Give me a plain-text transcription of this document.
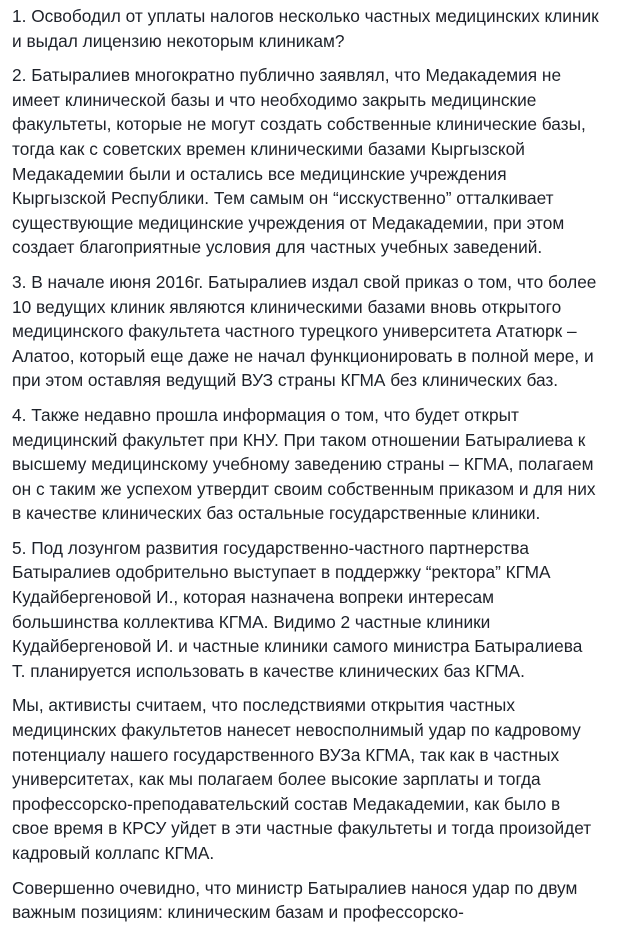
1. Освободил от уплаты налогов несколько частных медицинских клиник
и выдал лицензию некоторым клиникам?
2. Батыралиев многократно публично заявлял, что Медакадемия не
имеет клинической базы и что необходимо закрыть медицинские
факультеты, которые не могут создать собственные клинические базы,
тогда как с советских времен клиническими базами Кыргызской
Медакадемии были и остались все медицинские учреждения
Кыргызской Республики. Тем самым он “исскуственно” отталкивает
существующие медицинские учреждения от Медакадемии, при этом
создает благоприятные условия для частных учебных заведений.
3. В начале июня 2016г. Батыралиев издал свой приказ о том, что более
10 ведущих клиник являются клиническими базами вновь открытого
медицинского факультета частного турецкого университета Ататюрк –
Алатоо, который еще даже не начал функционировать в полной мере, и
при этом оставляя ведущий ВУЗ страны КГМА без клинических баз.
4. Также недавно прошла информация о том, что будет открыт
медицинский факультет при КНУ. При таком отношении Батыралиева к
высшему медицинскому учебному заведению страны – КГМА, полагаем
он с таким же успехом утвердит своим собственным приказом и для них
в качестве клинических баз остальные государственные клиники.
5. Под лозунгом развития государственно-частного партнерства
Батыралиев одобрительно выступает в поддержку “ректора” КГМА
Кудайбергеновой И., которая назначена вопреки интересам
большинства коллектива КГМА. Видимо 2 частные клиники
Кудайбергеновой И. и частные клиники самого министра Батыралиева
Т. планируется использовать в качестве клинических баз КГМА.
Мы, активисты считаем, что последствиями открытия частных
медицинских факультетов нанесет невосполнимый удар по кадровому
потенциалу нашего государственного ВУЗа КГМА, так как в частных
университетах, как мы полагаем более высокие зарплаты и тогда
профессорско-преподавательский состав Медакадемии, как было в
свое время в КРСУ уйдет в эти частные факультеты и тогда произойдет
кадровый коллапс КГМА.
Совершенно очевидно, что министр Батыралиев нанося удар по двум
важным позициям: клиническим базам и профессорско-
